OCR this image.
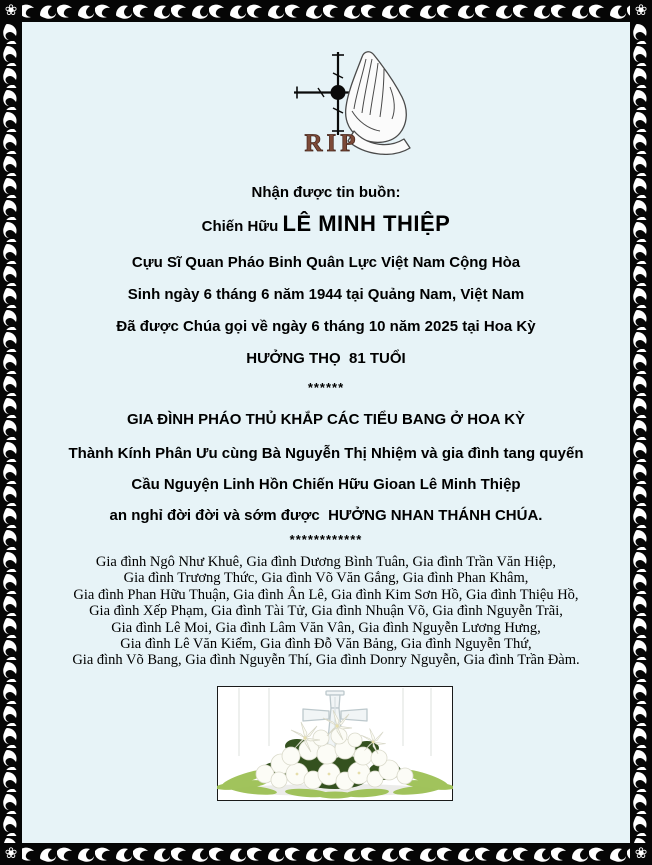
❀	❀
❀	❀
RIP
Nhận được tin buồn:
Chiến Hữu LÊ MINH THIỆP
Cựu Sĩ Quan Pháo Binh Quân Lực Việt Nam Cộng Hòa
Sinh ngày 6 tháng 6 năm 1944 tại Quảng Nam, Việt Nam
Đã được Chúa gọi về ngày 6 tháng 10 năm 2025 tại Hoa Kỳ
HƯỞNG THỌ  81 TUỔI
******
GIA ĐÌNH PHÁO THỦ KHẮP CÁC TIỂU BANG Ở HOA KỲ
Thành Kính Phân Ưu cùng Bà Nguyễn Thị Nhiệm và gia đình tang quyến
Cầu Nguyện Linh Hồn Chiến Hữu Gioan Lê Minh Thiệp
an nghỉ đời đời và sớm được  HƯỞNG NHAN THÁNH CHÚA.
************
Gia đình Ngô Như Khuê, Gia đình Dương Bình Tuân, Gia đình Trần Văn Hiệp,
Gia đình Trương Thức, Gia đình Võ Văn Gắng, Gia đình Phan Khâm,
Gia đình Phan Hữu Thuận, Gia đình Ân Lê, Gia đình Kim Sơn Hồ, Gia đình Thiệu Hồ,
Gia đình Xếp Phạm, Gia đình Tài Tử, Gia đình Nhuận Võ, Gia đình Nguyễn Trãi,
Gia đình Lê Moi, Gia đình Lâm Văn Vân, Gia đình Nguyễn Lương Hưng,
Gia đình Lê Văn Kiểm, Gia đình Đỗ Văn Bảng, Gia đình Nguyễn Thứ,
Gia đình Võ Bang, Gia đình Nguyễn Thí, Gia đình Donry Nguyễn, Gia đình Trần Đàm.
